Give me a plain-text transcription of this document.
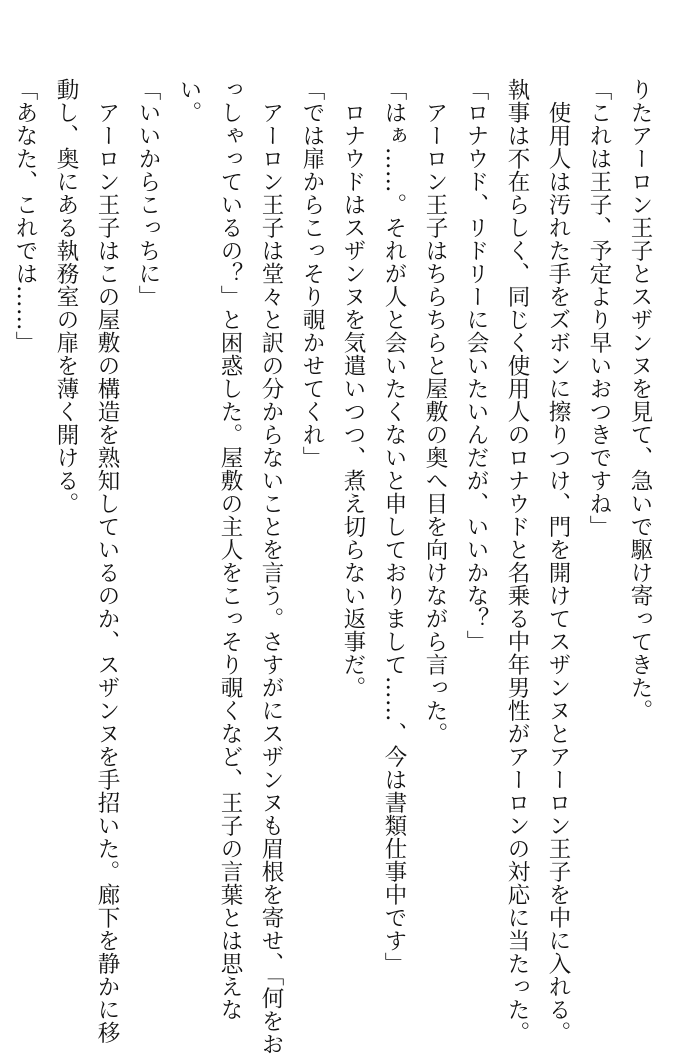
りたアーロン王子とスザンヌを見て、急いで駆け寄ってきた。
「これは王子、予定より早いおつきですね」
　使用人は汚れた手をズボンに擦りつけ、門を開けてスザンヌとアーロン王子を中に入れる。
執事は不在らしく、同じく使用人のロナウドと名乗る中年男性がアーロンの対応に当たった。
「ロナウド、リドリーに会いたいんだが、いいかな？」
　アーロン王子はちらちらと屋敷の奥へ目を向けながら言った。
「はぁ……。それが人と会いたくないと申しておりまして……、今は書類仕事中です」
　ロナウドはスザンヌを気遣いつつ、煮え切らない返事だ。
「では扉からこっそり覗かせてくれ」
　アーロン王子は堂々と訳の分からないことを言う。さすがにスザンヌも眉根を寄せ、「何をお
っしゃっているの？」と困惑した。屋敷の主人をこっそり覗くなど、王子の言葉とは思えな
い。
「いいからこっちに」
　アーロン王子はこの屋敷の構造を熟知しているのか、スザンヌを手招いた。廊下を静かに移
動し、奥にある執務室の扉を薄く開ける。
「あなた、これでは……」
